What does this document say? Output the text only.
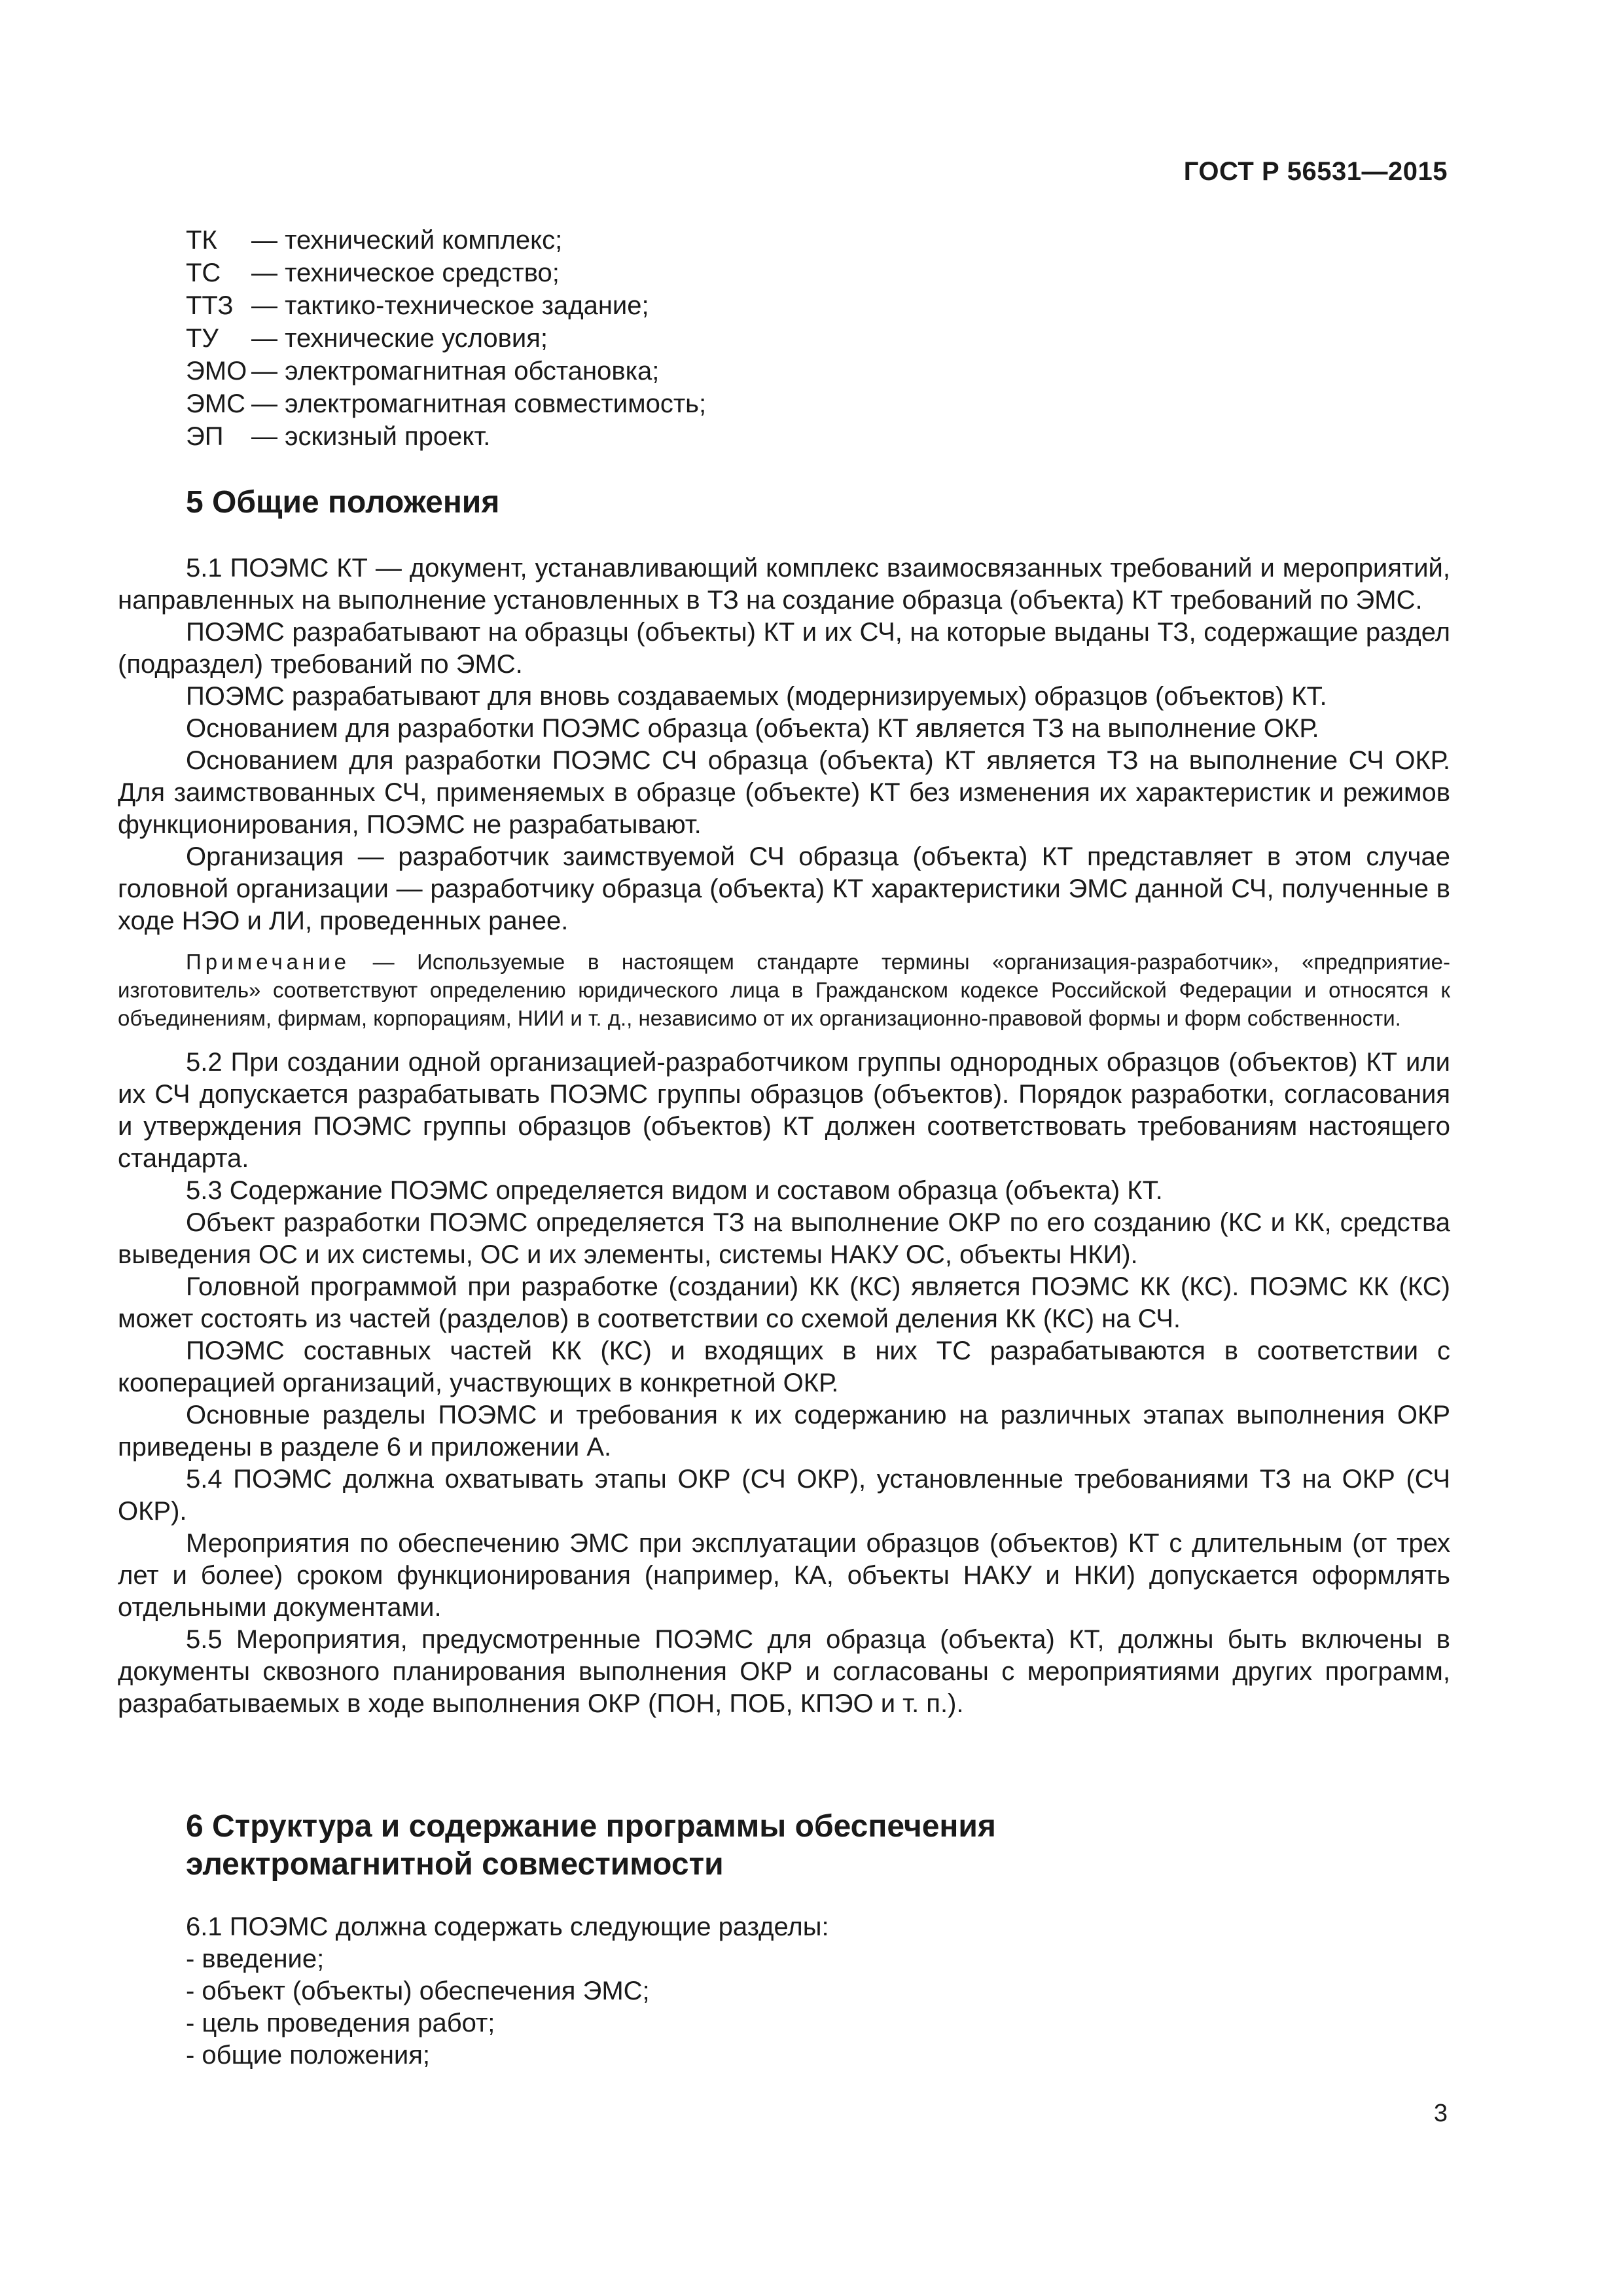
ГОСТ Р 56531—2015
ТК — технический комплекс;
ТС — техническое средство;
ТТЗ — тактико-техническое задание;
ТУ — технические условия;
ЭМО — электромагнитная обстановка;
ЭМС — электромагнитная совместимость;
ЭП — эскизный проект.
5 Общие положения

5.1 ПОЭМС КТ — документ, устанавливающий комплекс взаимосвязанных требований и мероприятий, направленных на выполнение установленных в ТЗ на создание образца (объекта) КТ требований по ЭМС.

ПОЭМС разрабатывают на образцы (объекты) КТ и их СЧ, на которые выданы ТЗ, содержащие раздел (подраздел) требований по ЭМС.

ПОЭМС разрабатывают для вновь создаваемых (модернизируемых) образцов (объектов) КТ.

Основанием для разработки ПОЭМС образца (объекта) КТ является ТЗ на выполнение ОКР.

Основанием для разработки ПОЭМС СЧ образца (объекта) КТ является ТЗ на выполнение СЧ ОКР. Для заимствованных СЧ, применяемых в образце (объекте) КТ без изменения их характеристик и режимов функционирования, ПОЭМС не разрабатывают.

Организация — разработчик заимствуемой СЧ образца (объекта) КТ представляет в этом случае головной организации — разработчику образца (объекта) КТ характеристики ЭМС данной СЧ, полученные в ходе НЭО и ЛИ, проведенных ранее.

Примечание — Используемые в настоящем стандарте термины «организация-разработчик», «предприятие-изготовитель» соответствуют определению юридического лица в Гражданском кодексе Российской Федерации и относятся к объединениям, фирмам, корпорациям, НИИ и т. д., независимо от их организационно-правовой формы и форм собственности.

5.2 При создании одной организацией-разработчиком группы однородных образцов (объектов) КТ или их СЧ допускается разрабатывать ПОЭМС группы образцов (объектов). Порядок разработки, согласования и утверждения ПОЭМС группы образцов (объектов) КТ должен соответствовать требованиям настоящего стандарта.

5.3 Содержание ПОЭМС определяется видом и составом образца (объекта) КТ.

Объект разработки ПОЭМС определяется ТЗ на выполнение ОКР по его созданию (КС и КК, средства выведения ОС и их системы, ОС и их элементы, системы НАКУ ОС, объекты НКИ).

Головной программой при разработке (создании) КК (КС) является ПОЭМС КК (КС). ПОЭМС КК (КС) может состоять из частей (разделов) в соответствии со схемой деления КК (КС) на СЧ.

ПОЭМС составных частей КК (КС) и входящих в них ТС разрабатываются в соответствии с кооперацией организаций, участвующих в конкретной ОКР.

Основные разделы ПОЭМС и требования к их содержанию на различных этапах выполнения ОКР приведены в разделе 6 и приложении А.

5.4 ПОЭМС должна охватывать этапы ОКР (СЧ ОКР), установленные требованиями ТЗ на ОКР (СЧ ОКР).

Мероприятия по обеспечению ЭМС при эксплуатации образцов (объектов) КТ с длительным (от трех лет и более) сроком функционирования (например, КА, объекты НАКУ и НКИ) допускается оформлять отдельными документами.

5.5 Мероприятия, предусмотренные ПОЭМС для образца (объекта) КТ, должны быть включены в документы сквозного планирования выполнения ОКР и согласованы с мероприятиями других программ, разрабатываемых в ходе выполнения ОКР (ПОН, ПОБ, КПЭО и т. п.).

6 Структура и содержание программы обеспечения
электромагнитной совместимости
6.1 ПОЭМС должна содержать следующие разделы:
- введение;
- объект (объекты) обеспечения ЭМС;
- цель проведения работ;
- общие положения;
3
